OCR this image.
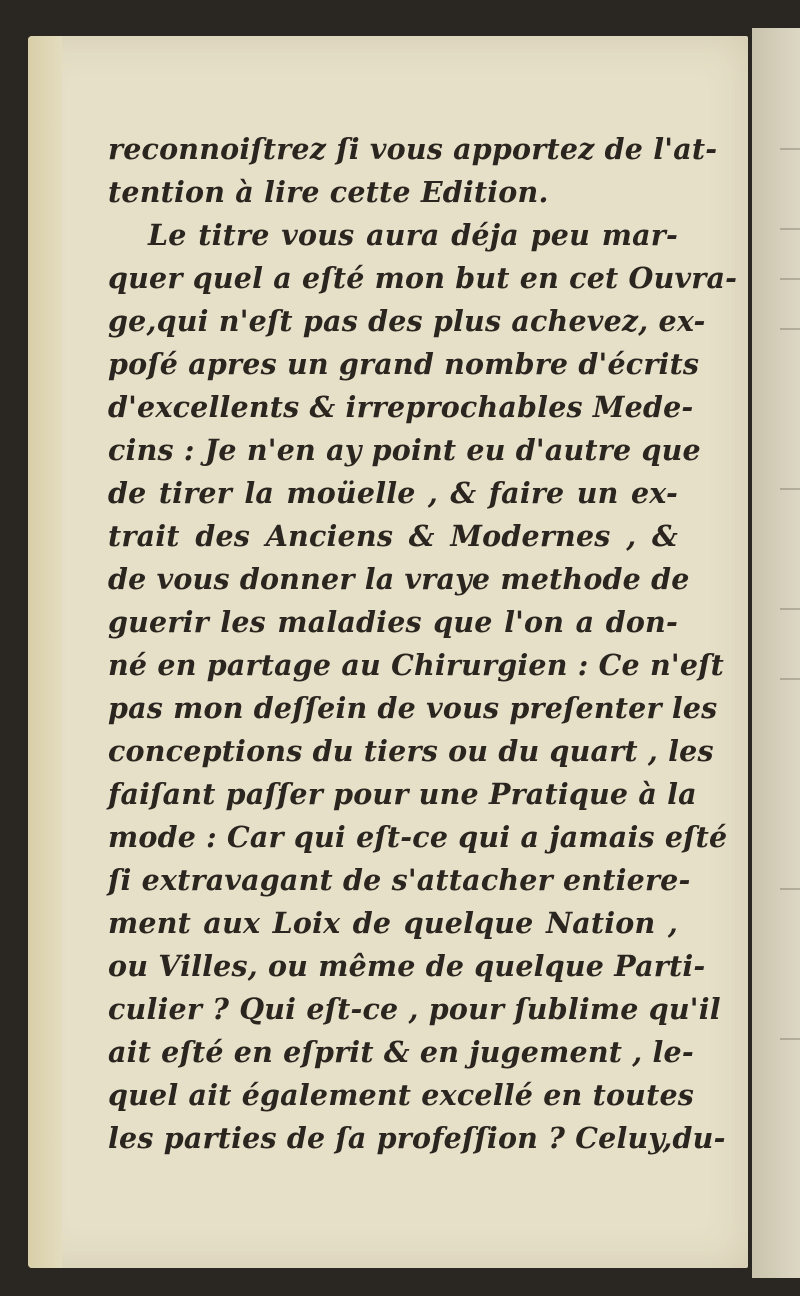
reconnoiſtrez ſi vous apportez de l'at-
tention à lire cette Edition.
Le titre vous aura déja peu mar-
quer quel a eſté mon but en cet Ouvra-
ge,qui n'eſt pas des plus achevez, ex-
poſé apres un grand nombre d'écrits
d'excellents & irreprochables Mede-
cins : Je n'en ay point eu d'autre que
de tirer la moüelle , & faire un ex-
trait des Anciens & Modernes , &
de vous donner la vraye methode de
guerir les maladies que l'on a don-
né en partage au Chirurgien : Ce n'eſt
pas mon deſſein de vous preſenter les
conceptions du tiers ou du quart , les
faiſant paſſer pour une Pratique à la
mode : Car qui eſt-ce qui a jamais eſté
ſi extravagant de s'attacher entiere-
ment aux Loix de quelque Nation ,
ou Villes, ou même de quelque Parti-
culier ? Qui eſt-ce , pour ſublime qu'il
ait eſté en eſprit & en jugement , le-
quel ait également excellé en toutes
les parties de ſa profeſſion ? Celuy,du-
